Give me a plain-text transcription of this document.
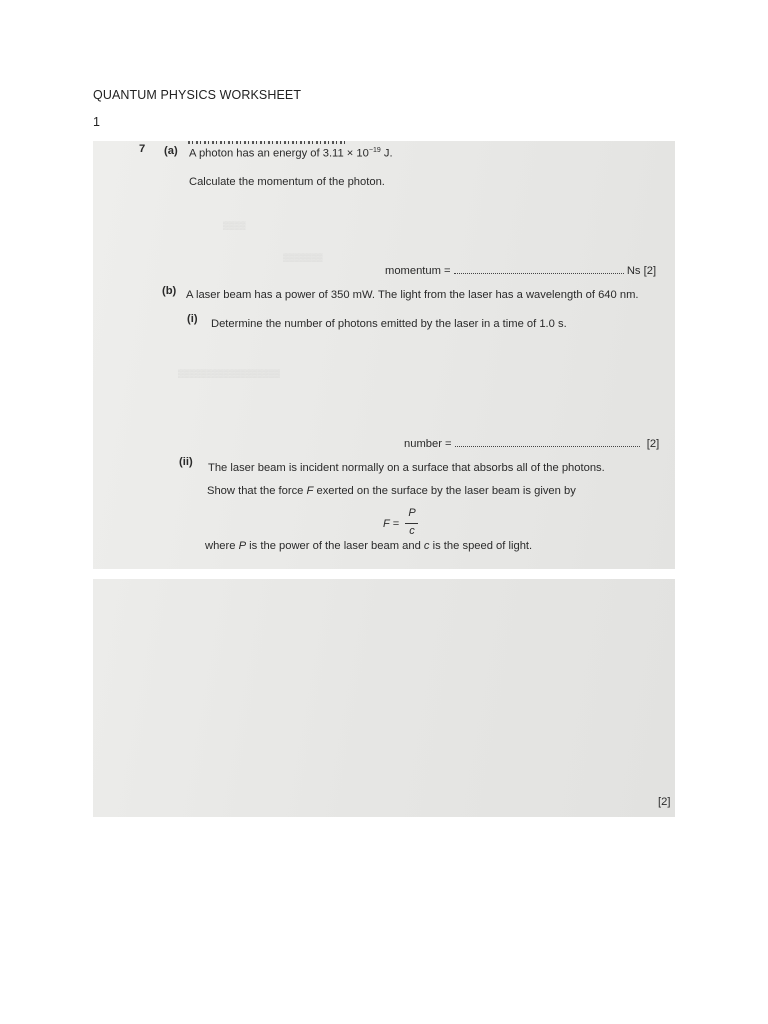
QUANTUM PHYSICS WORKSHEET
1
▒▒▒▒
▒▒▒▒▒▒▒
▒▒▒▒▒▒▒▒▒▒▒▒▒▒▒▒▒▒
7 (a) A photon has an energy of $3.11 \times 10^{-19}$ J.
Calculate the momentum of the photon.
momentum =	Ns [2]
(b) A laser beam has a power of 350 mW. The light from the laser has a wavelength of 640 nm.
(i) Determine the number of photons emitted by the laser in a time of 1.0 s.
number =	[2]
(ii) The laser beam is incident normally on a surface that absorbs all of the photons.
Show that the force F exerted on the surface by the laser beam is given by
F =
P
c
where P is the power of the laser beam and c is the speed of light.
[2]
